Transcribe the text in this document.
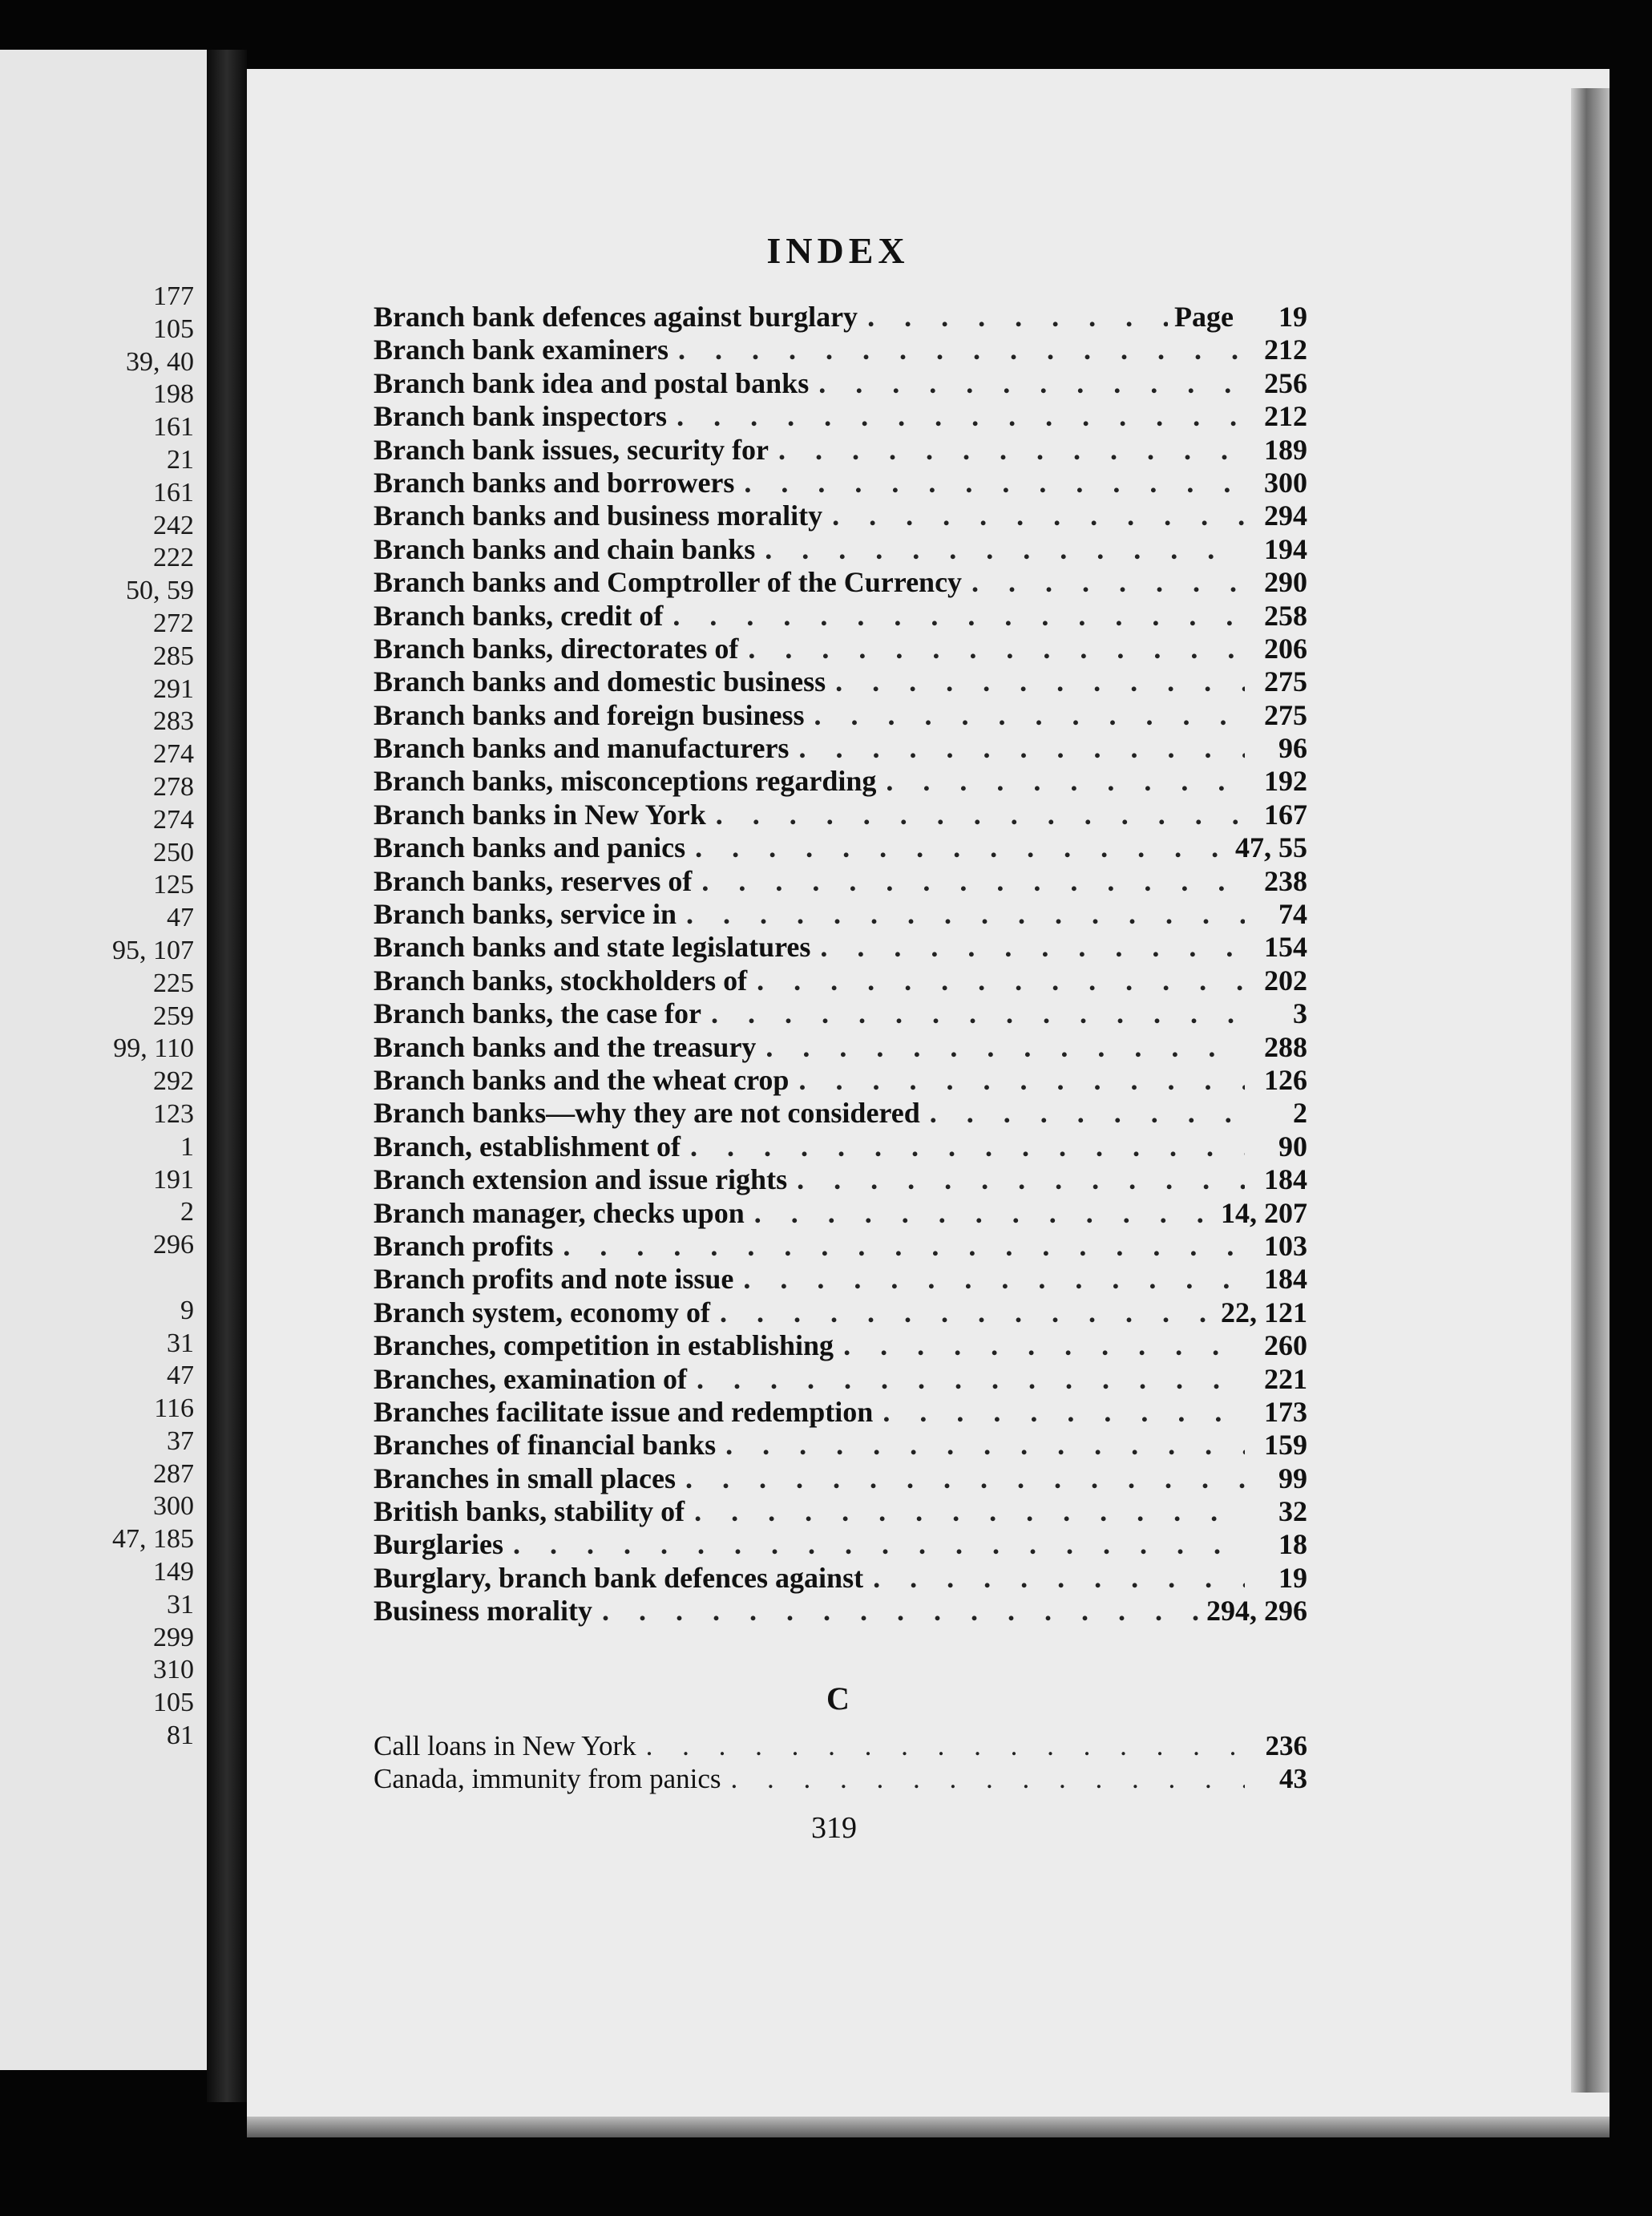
177
105
39, 40
198
161
21
161
242
222
50, 59
272
285
291
283
274
278
274
250
125
47
95, 107
225
259
99, 110
292
123
1
191
2
296
9
31
47
116
37
287
300
47, 185
149
31
299
310
105
81
INDEX
Branch bank defences against burglary . . .	Page	19
Branch bank examiners . . .	212
Branch bank idea and postal banks . . .	256
Branch bank inspectors . . .	212
Branch bank issues, security for . . .	189
Branch banks and borrowers . . .	300
Branch banks and business morality . . .	294
Branch banks and chain banks . . .	194
Branch banks and Comptroller of the Currency . . .	290
Branch banks, credit of . . .	258
Branch banks, directorates of . . .	206
Branch banks and domestic business . . .	275
Branch banks and foreign business . . .	275
Branch banks and manufacturers . . .	96
Branch banks, misconceptions regarding . . .	192
Branch banks in New York . . .	167
Branch banks and panics . . .	47, 55
Branch banks, reserves of . . .	238
Branch banks, service in . . .	74
Branch banks and state legislatures . . .	154
Branch banks, stockholders of . . .	202
Branch banks, the case for . . .	3
Branch banks and the treasury . . .	288
Branch banks and the wheat crop . . .	126
Branch banks—why they are not considered . . .	2
Branch, establishment of . . .	90
Branch extension and issue rights . . .	184
Branch manager, checks upon . . .	14, 207
Branch profits . . .	103
Branch profits and note issue . . .	184
Branch system, economy of . . .	22, 121
Branches, competition in establishing . . .	260
Branches, examination of . . .	221
Branches facilitate issue and redemption . . .	173
Branches of financial banks . . .	159
Branches in small places . . .	99
British banks, stability of . . .	32
Burglaries . . .	18
Burglary, branch bank defences against . . .	19
Business morality . . .	294, 296
C
Call loans in New York . . .	236
Canada, immunity from panics . . .	43
319
